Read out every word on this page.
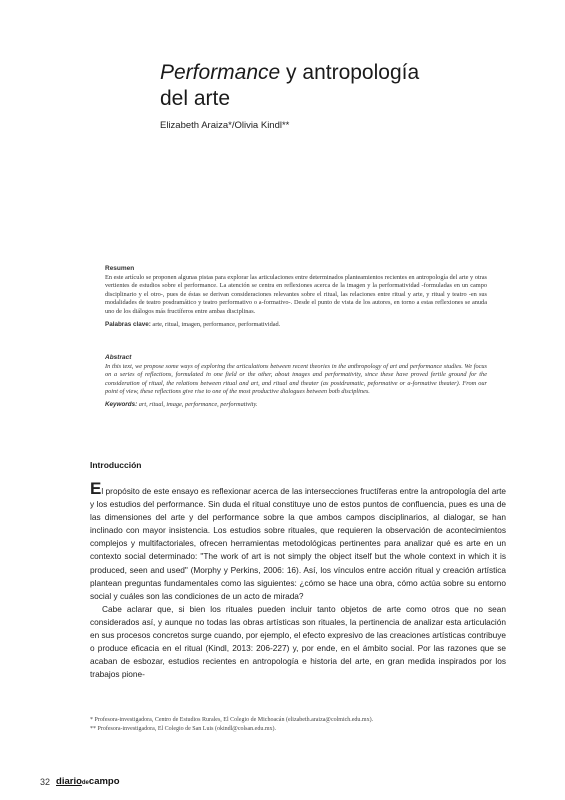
Performance y antropología
del arte
Elizabeth Araiza*/Olivia Kindl**

Resumen

En este artículo se proponen algunas pistas para explorar las articulaciones entre determinados planteamientos recientes en antropología del arte y otras vertientes de estudios sobre el performance. La atención se centra en reflexiones acerca de la imagen y la performatividad -formuladas en un campo disciplinario y el otro-, pues de éstas se derivan consideraciones relevantes sobre el ritual, las relaciones entre ritual y arte, y ritual y teatro -en sus modalidades de teatro posdramático y teatro performativo o a-formativo-. Desde el punto de vista de los autores, en torno a estas reflexiones se anuda uno de los diálogos más fructíferos entre ambas disciplinas.

Palabras clave: arte, ritual, imagen, performance, performatividad.

Abstract

In this text, we propose some ways of exploring the articulations between recent theories in the anthropology of art and performance studies. We focus on a series of reflections, formulated in one field or the other, about images and performativity, since these have proved fertile ground for the consideration of ritual, the relations between ritual and art, and ritual and theater (as postdramatic, peformative or a-formative theater). From our point of view, these reflections give rise to one of the most productive dialogues between both disciplines.

Keywords: art, ritual, image, performance, performativity.

Introducción

El propósito de este ensayo es reflexionar acerca de las intersecciones fructíferas entre la antropología del arte y los estudios del performance. Sin duda el ritual constituye uno de estos puntos de confluencia, pues es una de las dimensiones del arte y del performance sobre la que ambos campos disciplinarios, al dialogar, se han inclinado con mayor insistencia. Los estudios sobre rituales, que requieren la observación de acontecimientos complejos y multifactoriales, ofrecen herramientas metodológicas pertinentes para analizar qué es arte en un contexto social determinado: "The work of art is not simply the object itself but the whole context in which it is produced, seen and used" (Morphy y Perkins, 2006: 16). Así, los vínculos entre acción ritual y creación artística plantean preguntas fundamentales como las siguientes: ¿cómo se hace una obra, cómo actúa sobre su entorno social y cuáles son las condiciones de un acto de mirada?

Cabe aclarar que, si bien los rituales pueden incluir tanto objetos de arte como otros que no sean considerados así, y aunque no todas las obras artísticas son rituales, la pertinencia de analizar esta articulación en sus procesos concretos surge cuando, por ejemplo, el efecto expresivo de las creaciones artísticas contribuye o produce eficacia en el ritual (Kindl, 2013: 206-227) y, por ende, en el ámbito social. Por las razones que se acaban de esbozar, estudios recientes en antropología e historia del arte, en gran medida inspirados por los trabajos pione-

* Profesora-investigadora, Centro de Estudios Rurales, El Colegio de Michoacán (elizabeth.araiza@colmich.edu.mx).

** Profesora-investigadora, El Colegio de San Luis (okindl@colsan.edu.mx).

32 diario de campo
